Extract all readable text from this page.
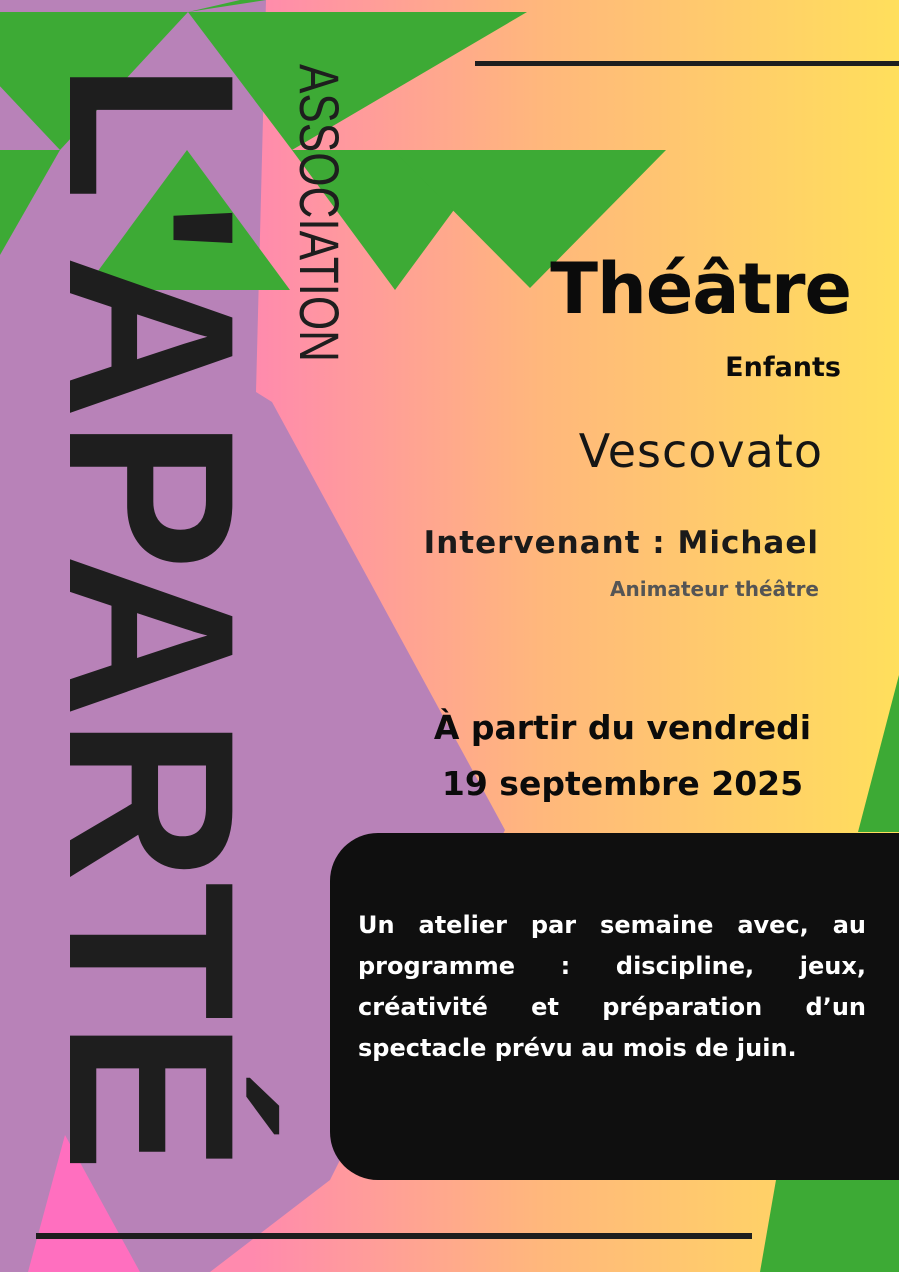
L'APARTÉ ASSOCIATION	Théâtre
Enfants
Vescovato
Intervenant : Michael
Animateur théâtre
À partir du vendredi
19 septembre 2025
Un atelier par semaine avec, au programme : discipline, jeux, créativité et préparation d’un spectacle prévu au mois de juin.
